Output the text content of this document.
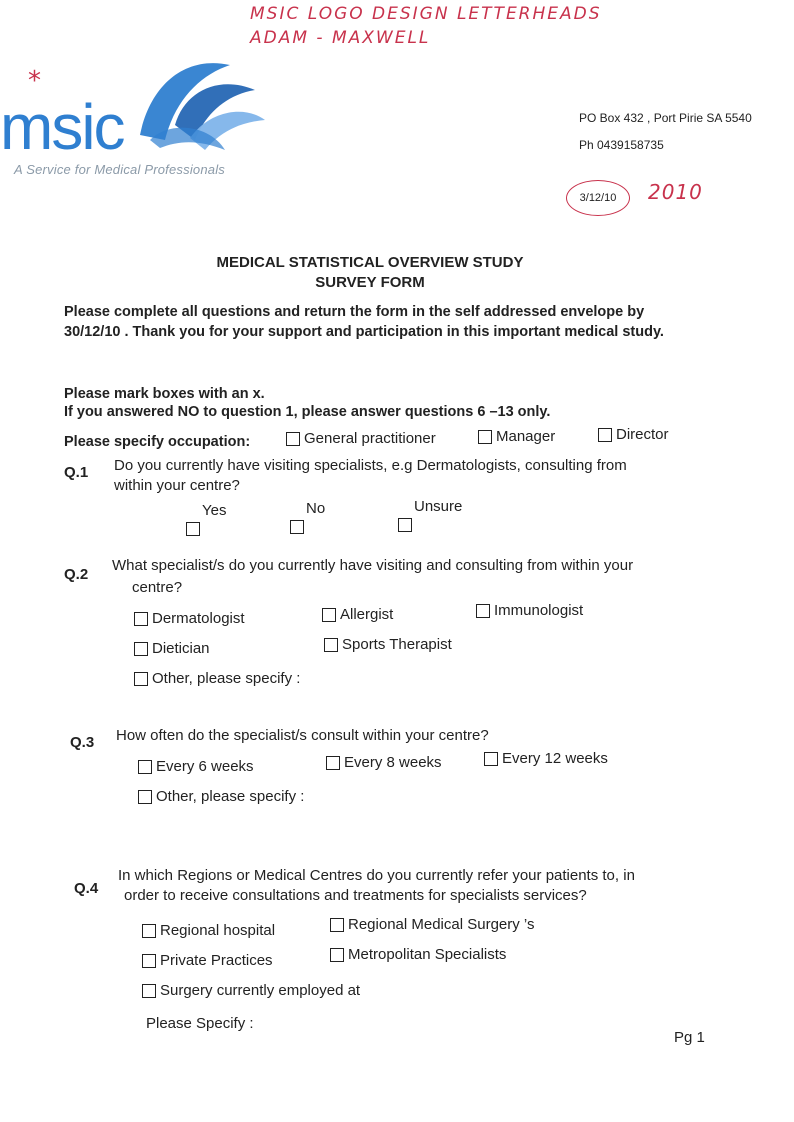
MSIC LOGO DESIGN LETTERHEADS
ADAM - MAXWELL
*
msic
A Service for Medical Professionals
PO Box 432 , Port Pirie SA 5540
Ph 0439158735
3/12/10 2010
MEDICAL STATISTICAL OVERVIEW STUDY
SURVEY FORM
Please complete all questions and return the form in the self addressed envelope by
30/12/10 . Thank you for your support and participation in this important medical study.
Please mark boxes with an x.
If you answered NO to question 1, please answer questions 6 –13 only.
Please specify occupation:	General practitioner	Manager	Director
Q.1 Do you currently have visiting specialists, e.g Dermatologists, consulting from
within your centre?
Yes	No	Unsure
Q.2
What specialist/s do you currently have visiting and consulting from within your
centre?
Dermatologist	Allergist	Immunologist
Dietician	Sports Therapist
Other, please specify :
Q.3 How often do the specialist/s consult within your centre?
Every 6 weeks	Every 8 weeks	Every 12 weeks
Other, please specify :
Q.4
In which Regions or Medical Centres do you currently refer your patients to, in
order to receive consultations and treatments for specialists services?
Regional hospital	Regional Medical Surgery ’s
Private Practices	Metropolitan Specialists
Surgery currently employed at
Please Specify :
Pg 1
